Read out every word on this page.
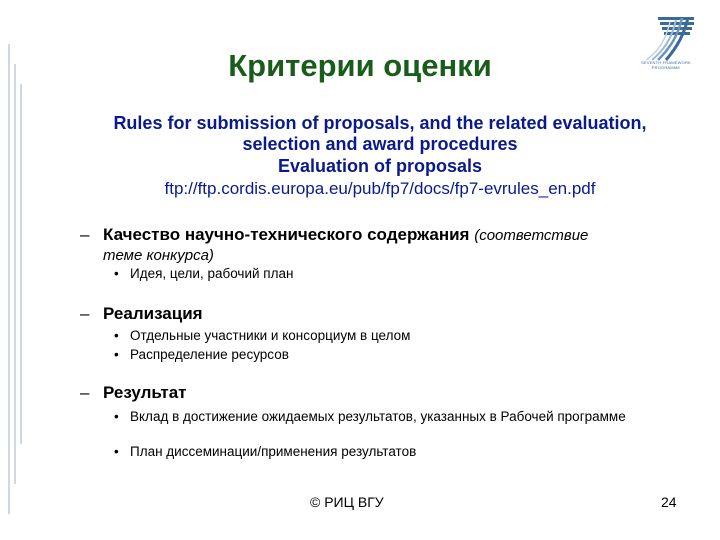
SEVENTH FRAMEWORK PROGRAMME
Критерии оценки
Rules for submission of proposals, and the related evaluation,
selection and award procedures
Evaluation of proposals
ftp://ftp.cordis.europa.eu/pub/fp7/docs/fp7-evrules_en.pdf
– Качество научно-технического содержания (соответствие
теме конкурса)
• Идея, цели, рабочий план
– Реализация
• Отдельные участники и консорциум в целом
• Распределение ресурсов
– Результат
• Вклад в достижение ожидаемых результатов, указанных в Рабочей программе
• План диссеминации/применения результатов
© РИЦ ВГУ	24
